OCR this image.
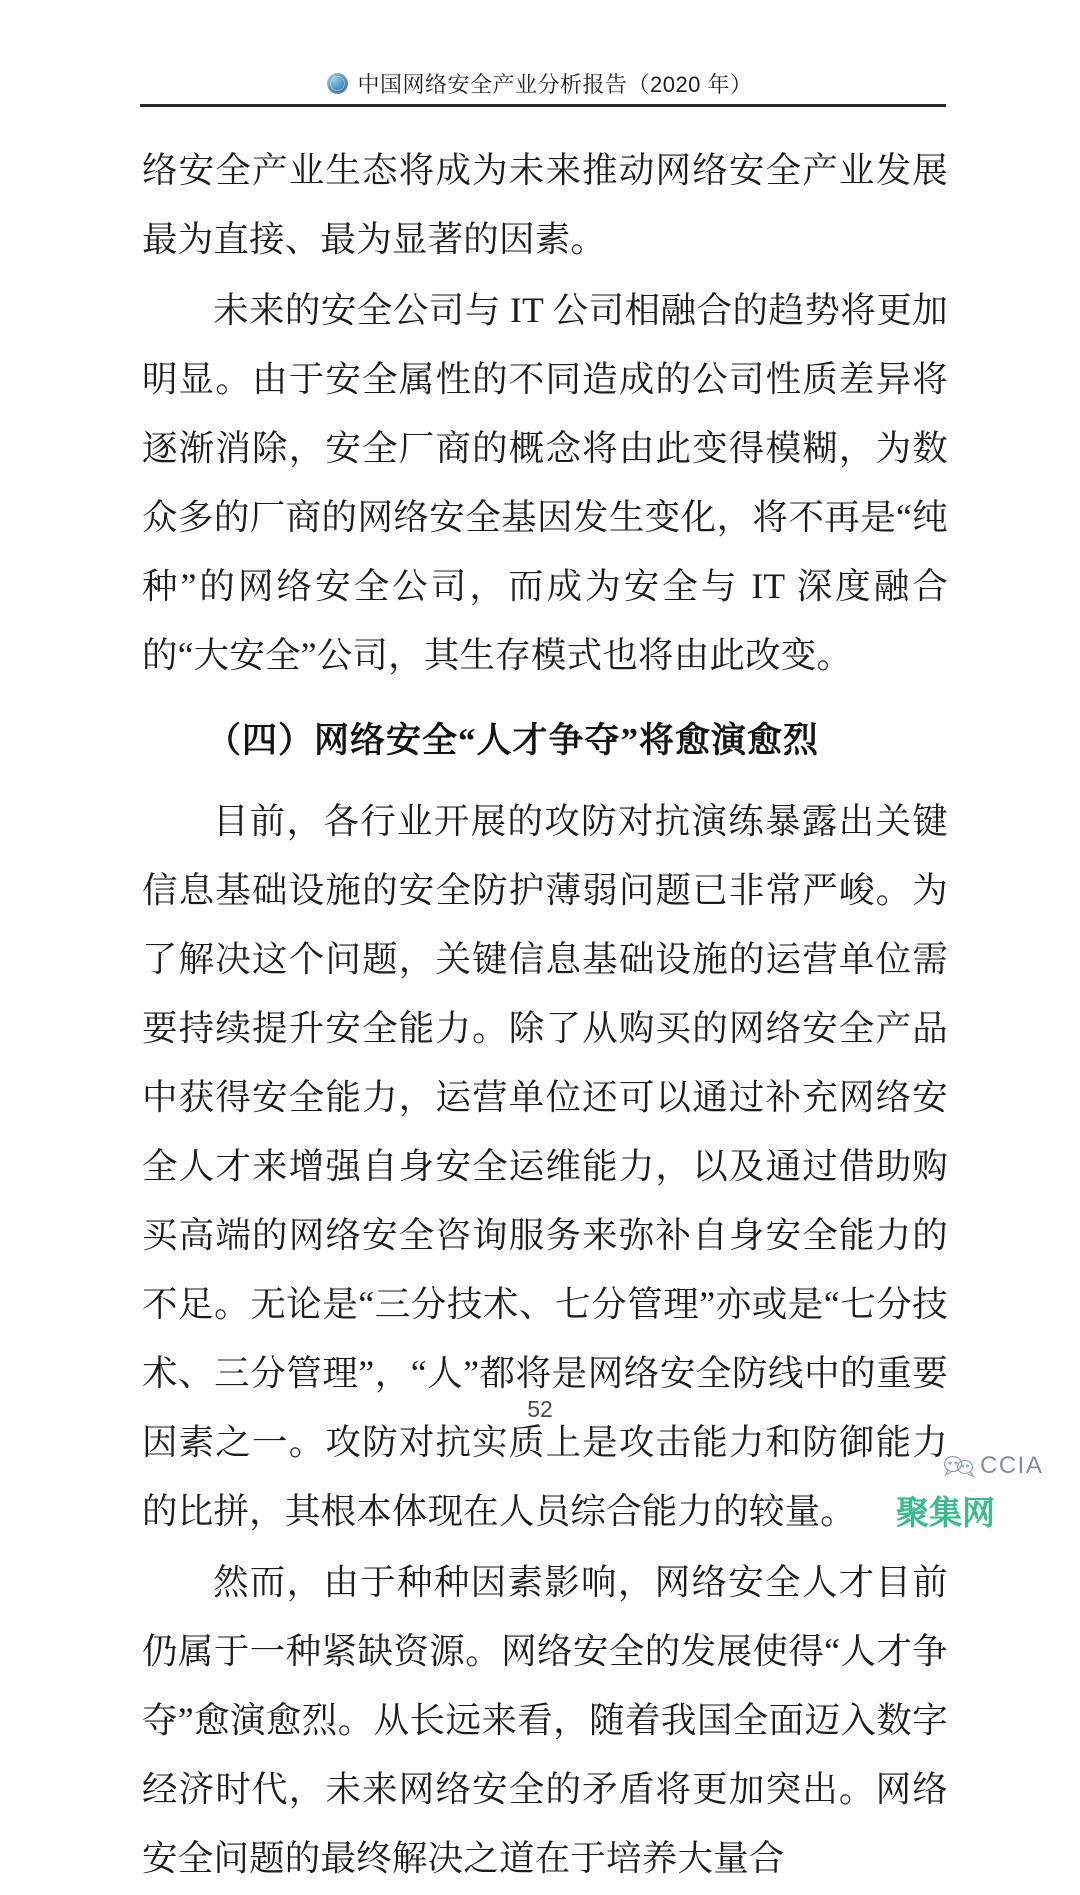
中国网络安全产业分析报告（2020 年）

络安全产业生态将成为未来推动网络安全产业发展最为直接、最为显著的因素。

未来的安全公司与 IT 公司相融合的趋势将更加明显。由于安全属性的不同造成的公司性质差异将逐渐消除，安全厂商的概念将由此变得模糊，为数众多的厂商的网络安全基因发生变化，将不再是“纯种”的网络安全公司，而成为安全与 IT 深度融合的“大安全”公司，其生存模式也将由此改变。

（四）网络安全“人才争夺”将愈演愈烈

目前，各行业开展的攻防对抗演练暴露出关键信息基础设施的安全防护薄弱问题已非常严峻。为了解决这个问题，关键信息基础设施的运营单位需要持续提升安全能力。除了从购买的网络安全产品中获得安全能力，运营单位还可以通过补充网络安全人才来增强自身安全运维能力，以及通过借助购买高端的网络安全咨询服务来弥补自身安全能力的不足。无论是“三分技术、七分管理”亦或是“七分技术、三分管理”，“人”都将是网络安全防线中的重要因素之一。攻防对抗实质上是攻击能力和防御能力的比拼，其根本体现在人员综合能力的较量。

然而，由于种种因素影响，网络安全人才目前仍属于一种紧缺资源。网络安全的发展使得“人才争夺”愈演愈烈。从长远来看，随着我国全面迈入数字经济时代，未来网络安全的矛盾将更加突出。网络安全问题的最终解决之道在于培养大量合

52
CCIA
聚集网
